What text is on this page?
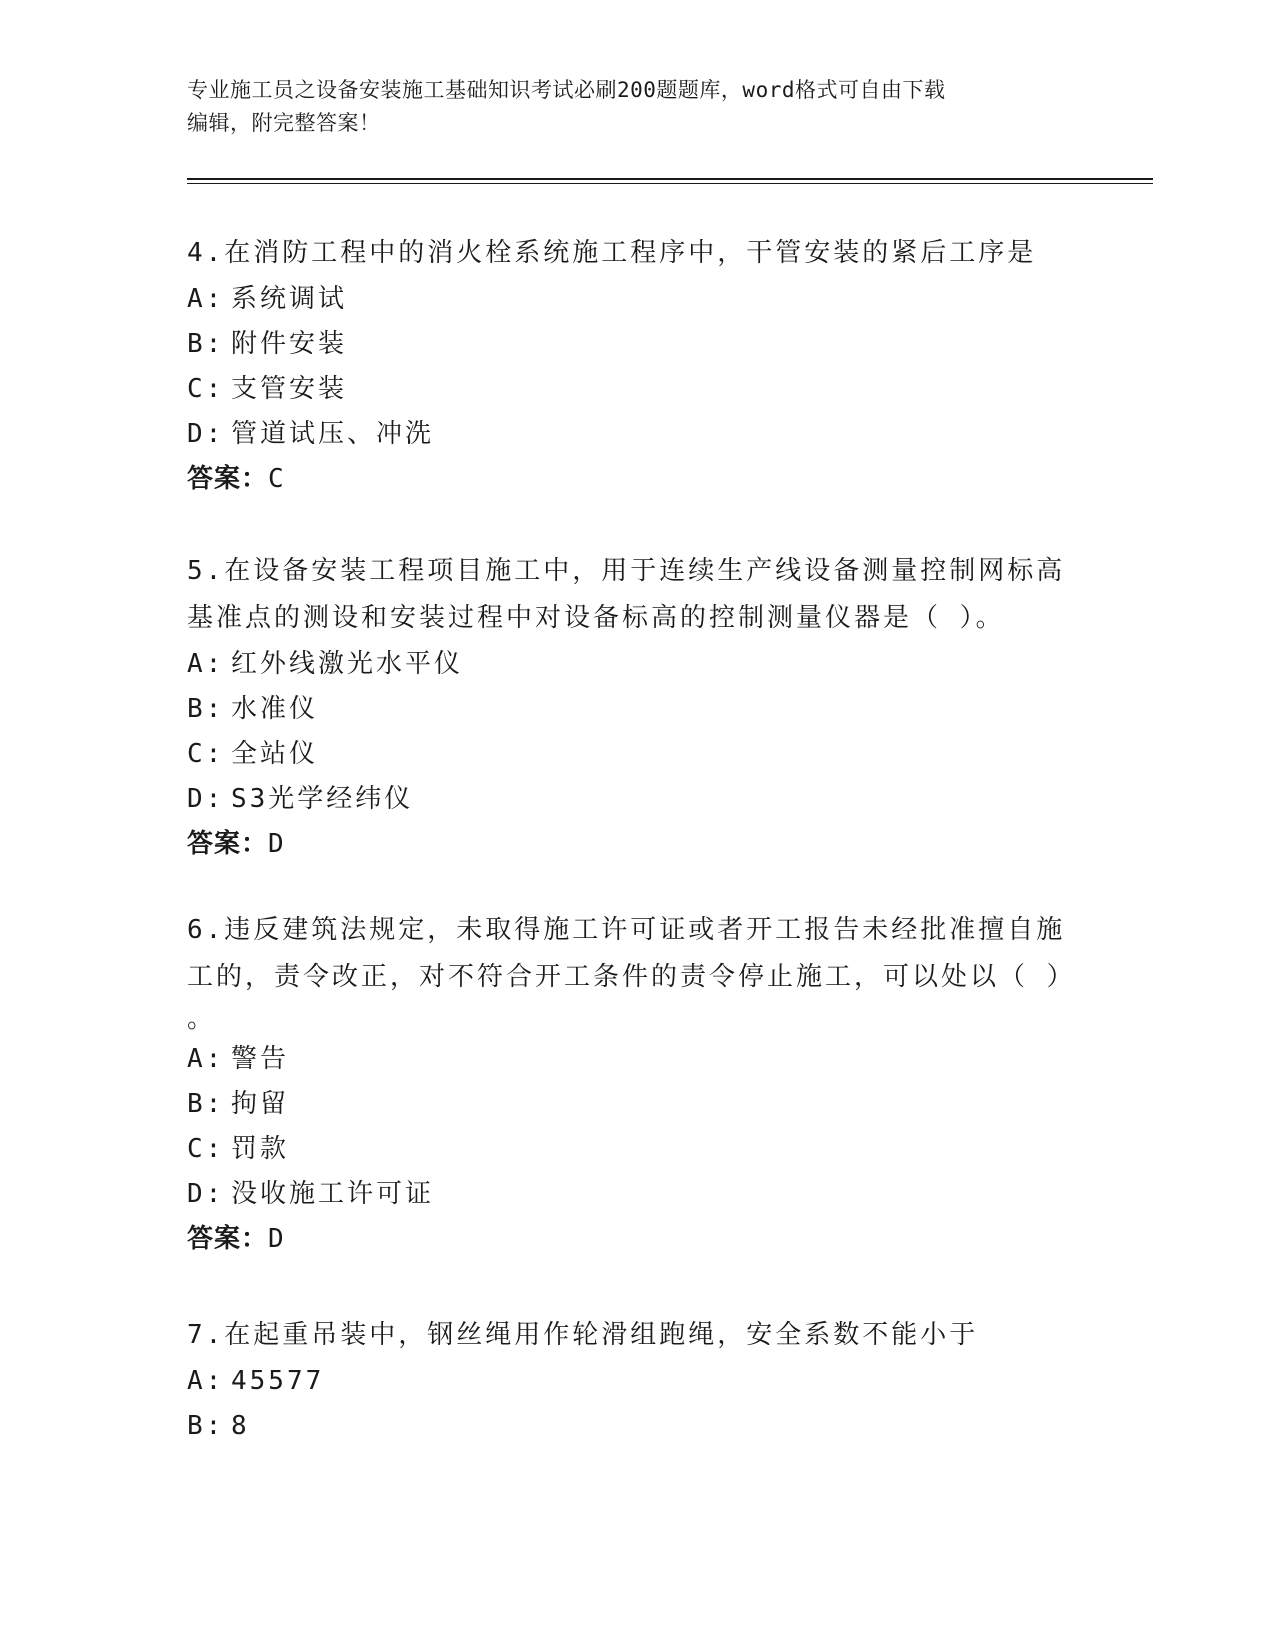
专业施工员之设备安装施工基础知识考试必刷200题题库，word格式可自由下载
编辑，附完整答案！

4.在消防工程中的消火栓系统施工程序中，干管安装的紧后工序是

A: 系统调试

B: 附件安装

C: 支管安装

D: 管道试压、冲洗

答案：C

5.在设备安装工程项目施工中，用于连续生产线设备测量控制网标高

基准点的测设和安装过程中对设备标高的控制测量仪器是（ ）。

A: 红外线激光水平仪

B: 水准仪

C: 全站仪

D: S3光学经纬仪

答案：D

6.违反建筑法规定，未取得施工许可证或者开工报告未经批准擅自施

工的，责令改正，对不符合开工条件的责令停止施工，可以处以（ ）

。

A: 警告

B: 拘留

C: 罚款

D: 没收施工许可证

答案：D

7.在起重吊装中，钢丝绳用作轮滑组跑绳，安全系数不能小于

A: 45577

B: 8
